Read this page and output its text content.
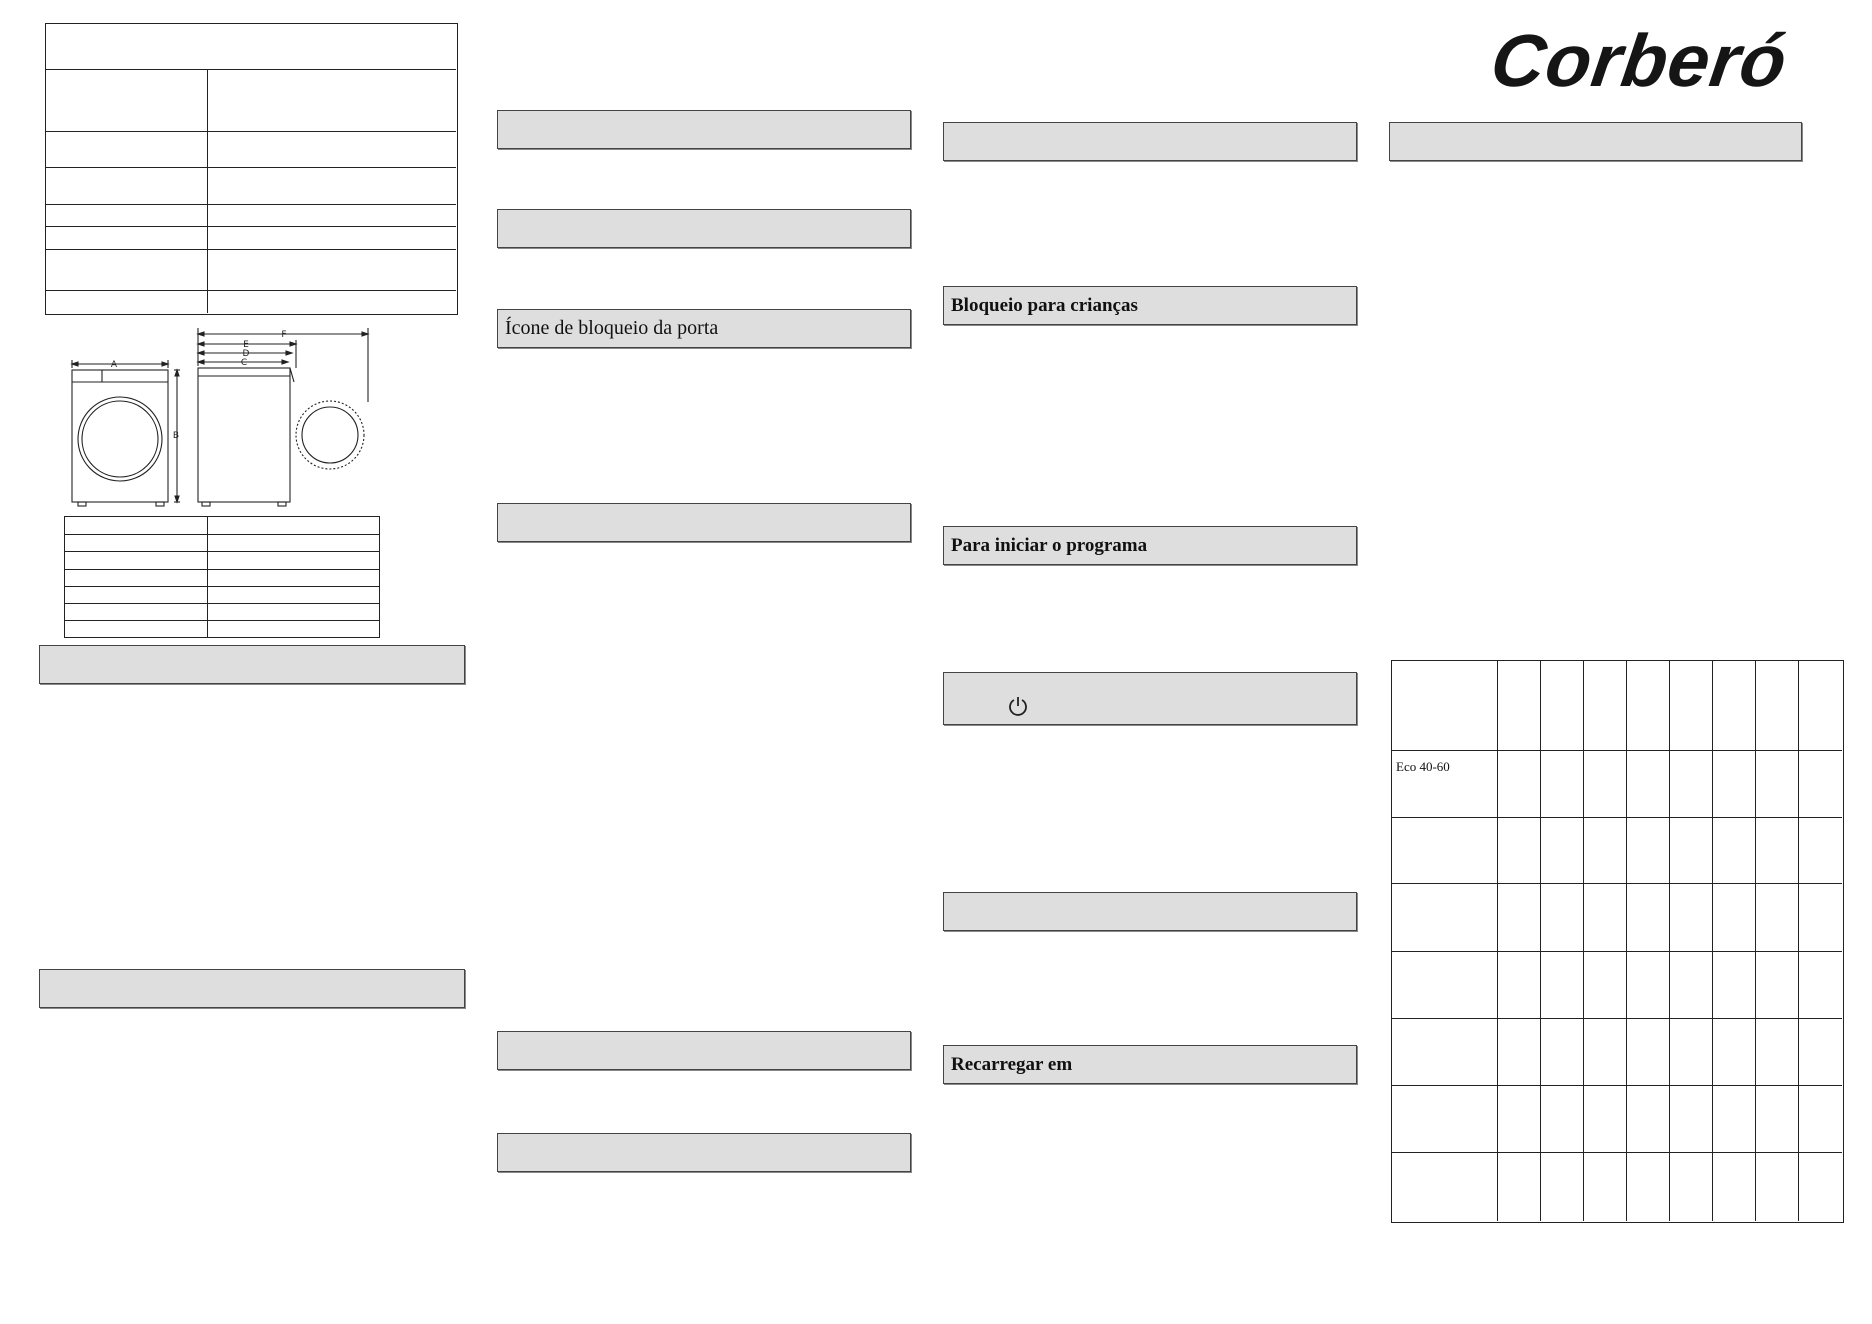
A
B
C
D
E
F	Ícone de bloqueio da porta
Bloqueio para crianças
Para iniciar o programa
Recarregar em
Corberó
Eco 40-60
